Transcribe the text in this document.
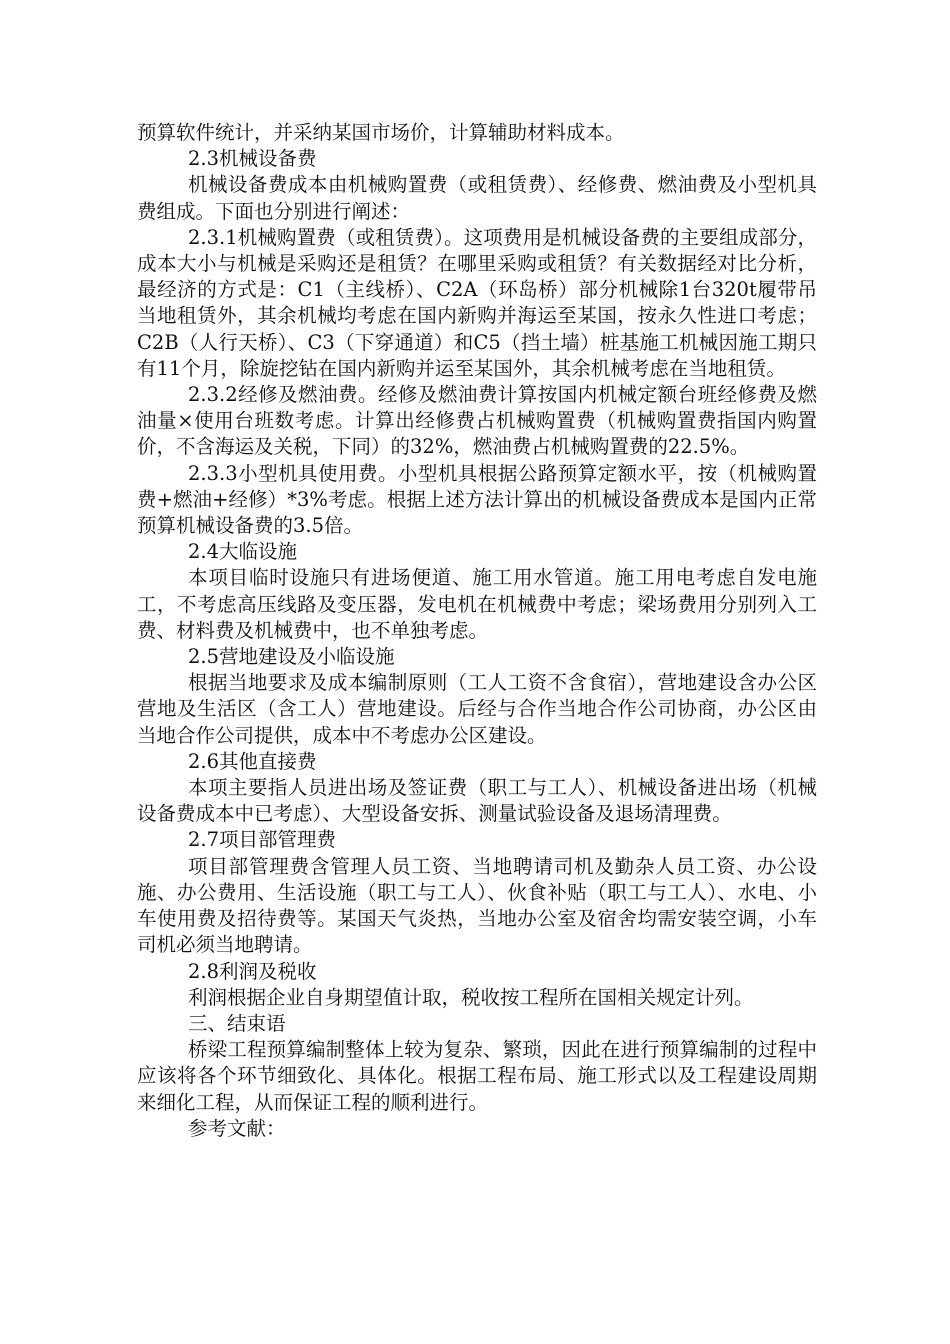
预算软件统计，并采纳某国市场价，计算辅助材料成本。

2.3机械设备费

机械设备费成本由机械购置费（或租赁费）、经修费、燃油费及小型机具费组成。下面也分别进行阐述：

2.3.1机械购置费（或租赁费）。这项费用是机械设备费的主要组成部分，成本大小与机械是采购还是租赁？在哪里采购或租赁？有关数据经对比分析，最经济的方式是：C1（主线桥）、C2A（环岛桥）部分机械除1台320t履带吊当地租赁外，其余机械均考虑在国内新购并海运至某国，按永久性进口考虑；C2B（人行天桥）、C3（下穿通道）和C5（挡土墙）桩基施工机械因施工期只有11个月，除旋挖钻在国内新购并运至某国外，其余机械考虑在当地租赁。

2.3.2经修及燃油费。经修及燃油费计算按国内机械定额台班经修费及燃油量×使用台班数考虑。计算出经修费占机械购置费（机械购置费指国内购置价，不含海运及关税，下同）的32%，燃油费占机械购置费的22.5%。

2.3.3小型机具使用费。小型机具根据公路预算定额水平，按（机械购置费+燃油+经修）*3%考虑。根据上述方法计算出的机械设备费成本是国内正常预算机械设备费的3.5倍。

2.4大临设施

本项目临时设施只有进场便道、施工用水管道。施工用电考虑自发电施工，不考虑高压线路及变压器，发电机在机械费中考虑；梁场费用分别列入工费、材料费及机械费中，也不单独考虑。

2.5营地建设及小临设施

根据当地要求及成本编制原则（工人工资不含食宿），营地建设含办公区营地及生活区（含工人）营地建设。后经与合作当地合作公司协商，办公区由当地合作公司提供，成本中不考虑办公区建设。

2.6其他直接费

本项主要指人员进出场及签证费（职工与工人）、机械设备进出场（机械设备费成本中已考虑）、大型设备安拆、测量试验设备及退场清理费。

2.7项目部管理费

项目部管理费含管理人员工资、当地聘请司机及勤杂人员工资、办公设施、办公费用、生活设施（职工与工人）、伙食补贴（职工与工人）、水电、小车使用费及招待费等。某国天气炎热，当地办公室及宿舍均需安装空调，小车司机必须当地聘请。

2.8利润及税收

利润根据企业自身期望值计取，税收按工程所在国相关规定计列。

三、结束语

桥梁工程预算编制整体上较为复杂、繁琐，因此在进行预算编制的过程中应该将各个环节细致化、具体化。根据工程布局、施工形式以及工程建设周期来细化工程，从而保证工程的顺利进行。

参考文献：
